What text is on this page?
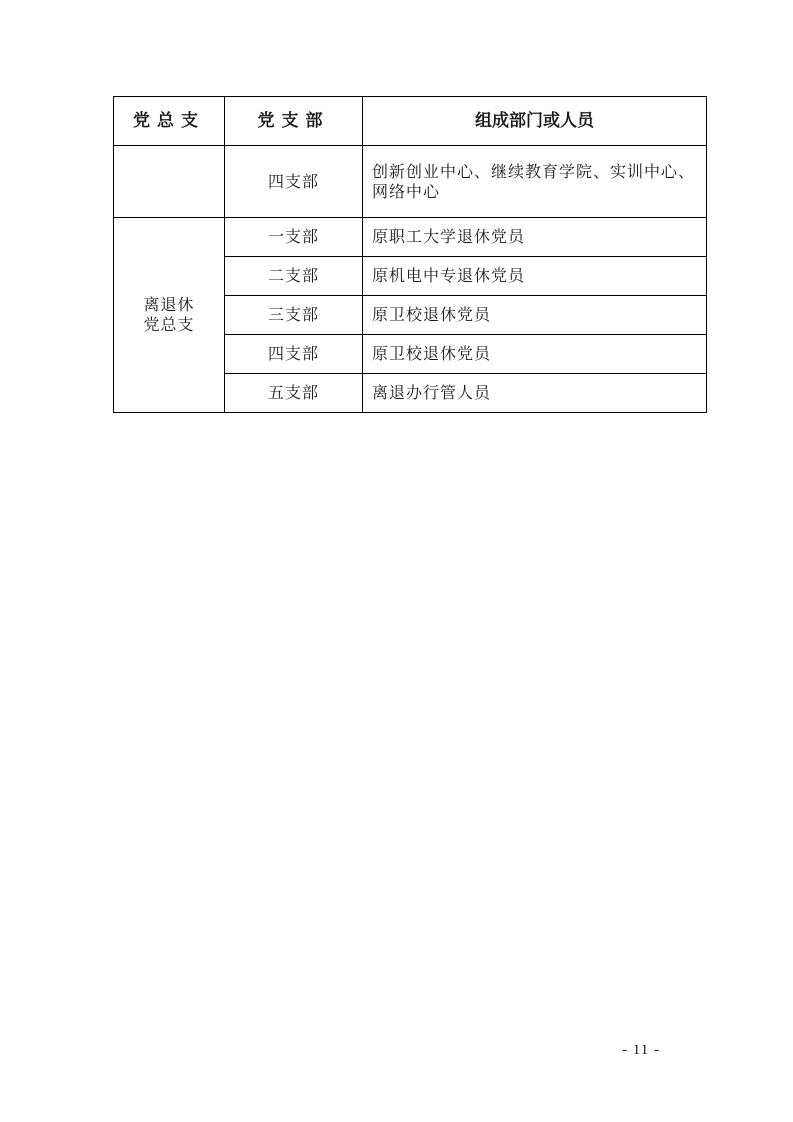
党总支	党支部	组成部门或人员
	四支部	创新创业中心、继续教育学院、实训中心、
网络中心
离退休
党总支	一支部	原职工大学退休党员
	二支部	原机电中专退休党员
	三支部	原卫校退休党员
	四支部	原卫校退休党员
	五支部	离退办行管人员
- 11 -
